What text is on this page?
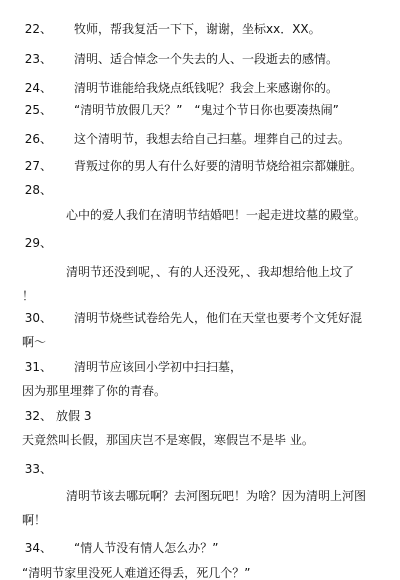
22、 牧师，帮我复活一下下，谢谢，坐标xx．XX。
23、 清明、适合悼念一个失去的人、一段逝去的感情。
24、 清明节谁能给我烧点纸钱呢？我会上来感谢你的。
25、 “清明节放假几天？”　“鬼过个节日你也要凑热闹”
26、 这个清明节，我想去给自己扫墓。埋葬自己的过去。
27、 背叛过你的男人有什么好要的清明节烧给祖宗都嫌脏。
28、
心中的爱人我们在清明节结婚吧！一起走进坟墓的殿堂。
29、
清明节还没到呢，、有的人还没死，、我却想给他上坟了
！
30、 清明节烧些试卷给先人，他们在天堂也要考个文凭好混
啊～
31、 清明节应该回小学初中扫扫墓，
因为那里埋葬了你的青春。
32、 放假 3
天竟然叫长假，那国庆岂不是寒假，寒假岂不是毕 业。
33、
清明节该去哪玩啊？去河图玩吧！为啥？因为清明上河图
啊！
34、 “情人节没有情人怎么办？”
“清明节家里没死人难道还得丢，死几个？”
